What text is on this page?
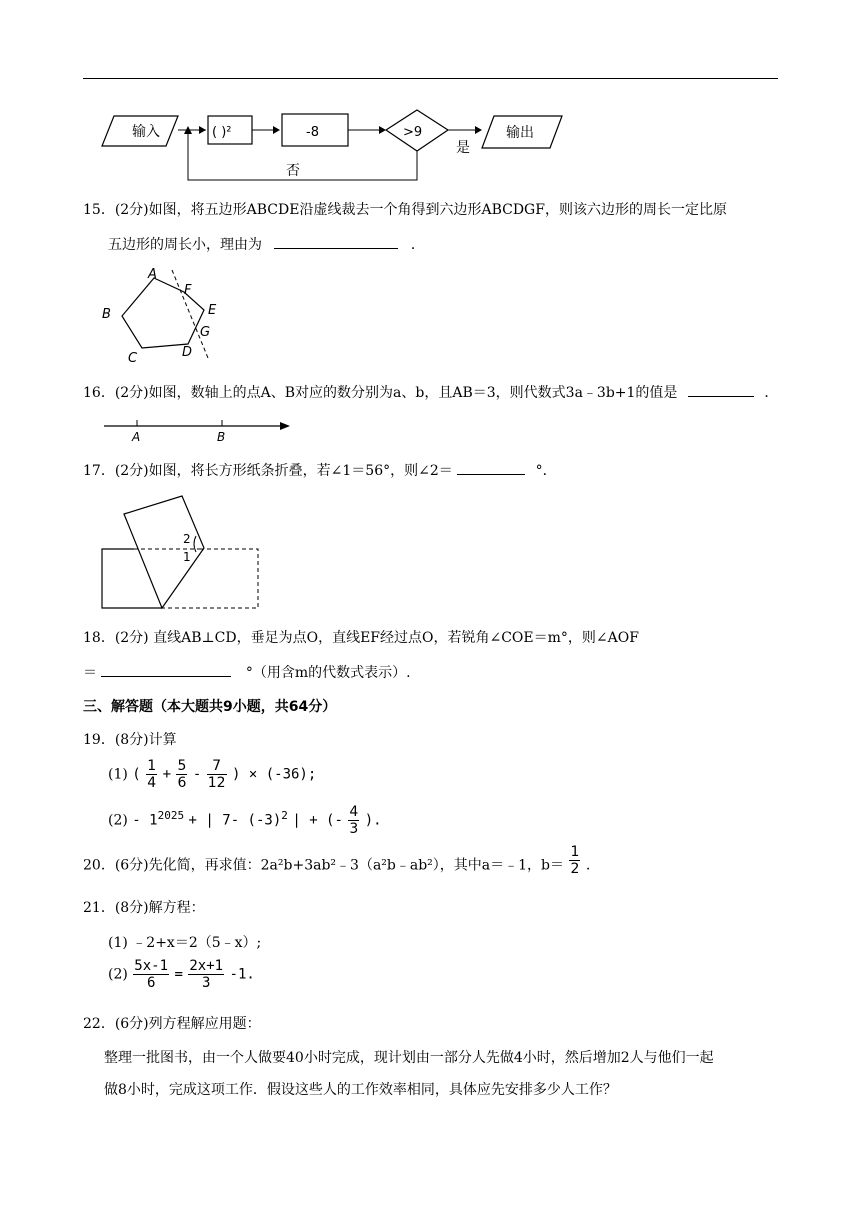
输入	( )²	-8	>9
是
输出
否
15．(2分)如图，将五边形ABCDE沿虚线裁去一个角得到六边形ABCDGF，则该六边形的周长一定比原
五边形的周长小，理由为	．
A
B
C	D
E
F
G
16．(2分)如图，数轴上的点A、B对应的数分别为a、b，且AB＝3，则代数式3a﹣3b+1的值是	．
A	B
17．(2分)如图，将长方形纸条折叠，若∠1＝56°，则∠2＝	°．
2
1
18．(2分) 直线AB⊥CD，垂足为点O，直线EF经过点O，若锐角∠COE＝m°，则∠AOF
＝	°（用含m的代数式表示）.
三、解答题（本大题共9小题，共64分）
19．(8分)计算
(1) ( $\frac{1}{4} + \frac{5}{6} - \frac{7}{12}$ ) × (-36);
$(2) - 1^{2025}$ + | 7- $(-3)^2$ | + (- $\frac{4}{3}$ ).
20．(6分)先化简，再求值：2a²b+3ab²﹣3（a²b﹣ab²），其中a＝﹣1，$b= \frac{1}{2}$ .
21．(8分)解方程：
(1) ﹣2+x＝2（5﹣x）;
$(2) \frac{5x-1}{6} = \frac{2x+1}{3} -1$.
22．(6分)列方程解应用题：
整理一批图书，由一个人做要40小时完成，现计划由一部分人先做4小时，然后增加2人与他们一起
做8小时，完成这项工作．假设这些人的工作效率相同，具体应先安排多少人工作？
